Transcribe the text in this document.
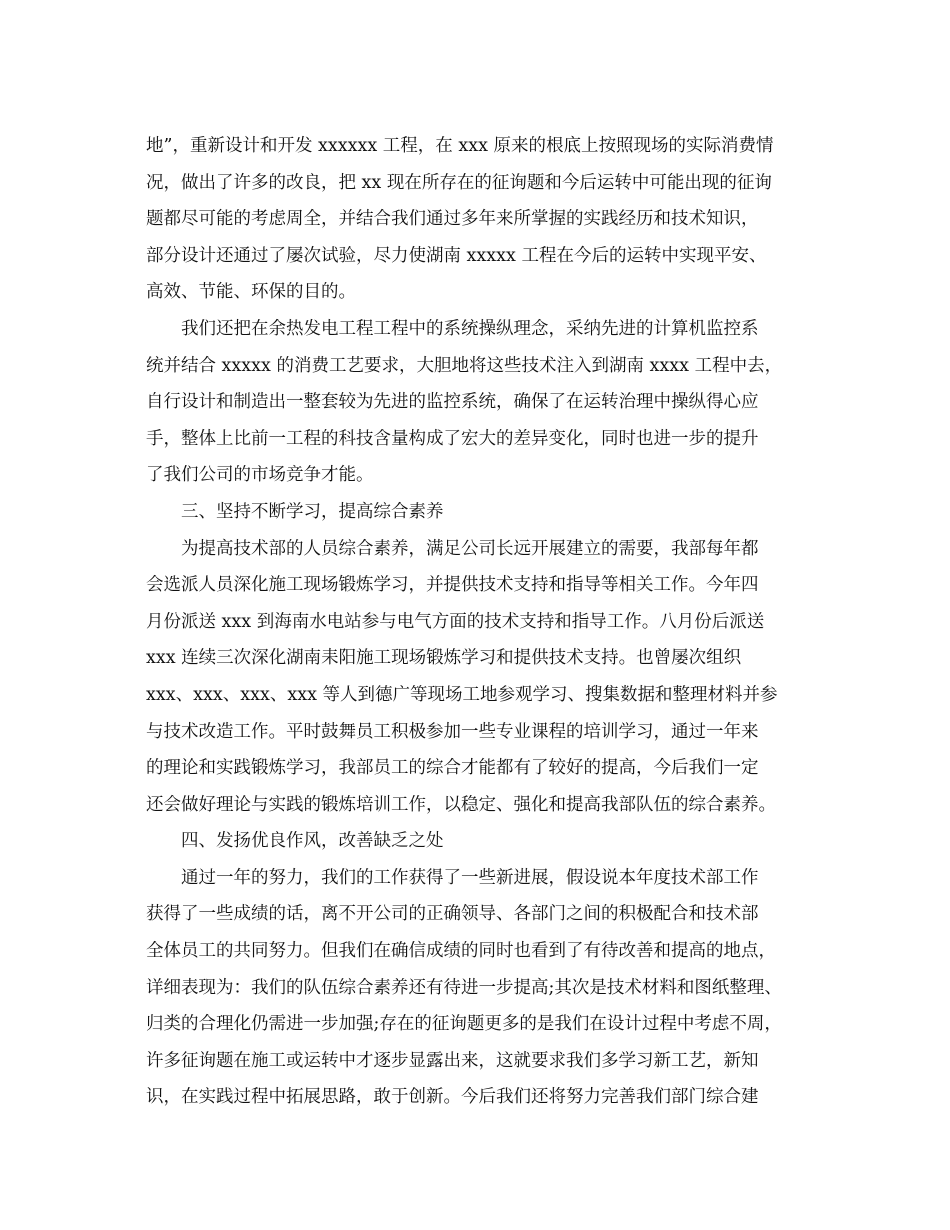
地”，重新设计和开发 xxxxxx 工程，在 xxx 原来的根底上按照现场的实际消费情
况，做出了许多的改良，把 xx 现在所存在的征询题和今后运转中可能出现的征询
题都尽可能的考虑周全，并结合我们通过多年来所掌握的实践经历和技术知识，
部分设计还通过了屡次试验，尽力使湖南 xxxxx 工程在今后的运转中实现平安、
高效、节能、环保的目的。
我们还把在余热发电工程工程中的系统操纵理念，采纳先进的计算机监控系
统并结合 xxxxx 的消费工艺要求，大胆地将这些技术注入到湖南 xxxx 工程中去，
自行设计和制造出一整套较为先进的监控系统，确保了在运转治理中操纵得心应
手，整体上比前一工程的科技含量构成了宏大的差异变化，同时也进一步的提升
了我们公司的市场竞争才能。
三、坚持不断学习，提高综合素养
为提高技术部的人员综合素养，满足公司长远开展建立的需要，我部每年都
会选派人员深化施工现场锻炼学习，并提供技术支持和指导等相关工作。今年四
月份派送 xxx 到海南水电站参与电气方面的技术支持和指导工作。八月份后派送
xxx 连续三次深化湖南耒阳施工现场锻炼学习和提供技术支持。也曾屡次组织
xxx、xxx、xxx、xxx 等人到德广等现场工地参观学习、搜集数据和整理材料并参
与技术改造工作。平时鼓舞员工积极参加一些专业课程的培训学习，通过一年来
的理论和实践锻炼学习，我部员工的综合才能都有了较好的提高，今后我们一定
还会做好理论与实践的锻炼培训工作，以稳定、强化和提高我部队伍的综合素养。
四、发扬优良作风，改善缺乏之处
通过一年的努力，我们的工作获得了一些新进展，假设说本年度技术部工作
获得了一些成绩的话，离不开公司的正确领导、各部门之间的积极配合和技术部
全体员工的共同努力。但我们在确信成绩的同时也看到了有待改善和提高的地点，
详细表现为：我们的队伍综合素养还有待进一步提高;其次是技术材料和图纸整理、
归类的合理化仍需进一步加强;存在的征询题更多的是我们在设计过程中考虑不周，
许多征询题在施工或运转中才逐步显露出来，这就要求我们多学习新工艺，新知
识，在实践过程中拓展思路，敢于创新。今后我们还将努力完善我们部门综合建
